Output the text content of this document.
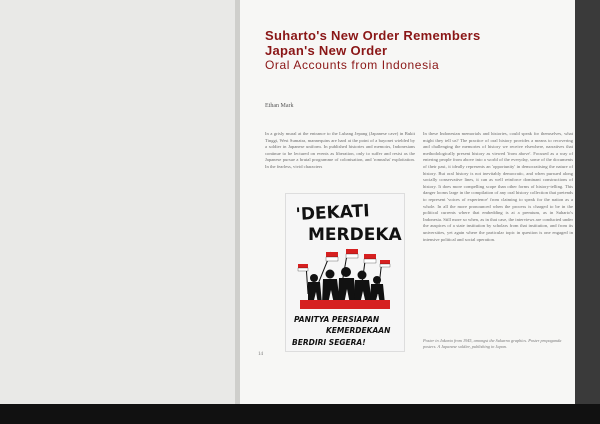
Suharto's New Order Remembers
Japan's New Order
Oral Accounts from Indonesia
Ethan Mark
In a grisly mural at the entrance to the Lubang Jepang (Japanese cave) in Bukit Tinggi, West Sumatra, mannequins are hard at the point of a bayonet wielded by a soldier in Japanese uniform. In published histories and memoirs, Indonesians continue to be lectured on events as liberation, only to suffer and resist as the Japanese pursue a brutal programme of colonisation, and 'romusha' exploitation. In the fearless, vivid characters
In these Indonesian memorials and histories, could speak for themselves, what might they tell us? The practice of oral history provides a means to recovering and challenging the memories of history we receive elsewhere, narratives that methodologically present history as viewed 'from above'. Focused as a way of entering people from above into a world of the everyday, some of the documents of their past, it ideally represents an 'opportunity' in democratising the nature of history. But oral history is not inevitably democratic, and when pursued along socially conservative lines, it can as well reinforce dominant constructions of history. It does more compelling scope than other forms of history-telling. This danger looms large in the compilation of any oral history collection that pretends to represent 'voices of experience' from claiming to speak for the nation as a whole. In all the more pronounced when the process is charged to be in the political currents where that embedding is at a premium, as in Suharto's Indonesia. Still more so when, as in that case, the interviews are conducted under the auspices of a state institution by scholars from that institution, and from its universities, yet again where the particular topic in question is one engaged in intensive political and social operation.
'DEKATI
MERDEKA
PANITYA PERSIAPAN
KEMERDEKAAN
BERDIRI SEGERA!	Poster in Jakarta from 1945, amongst the Sukarno graphics. Poster propaganda posters. A Japanese soldier, publishing in Japan.
14
